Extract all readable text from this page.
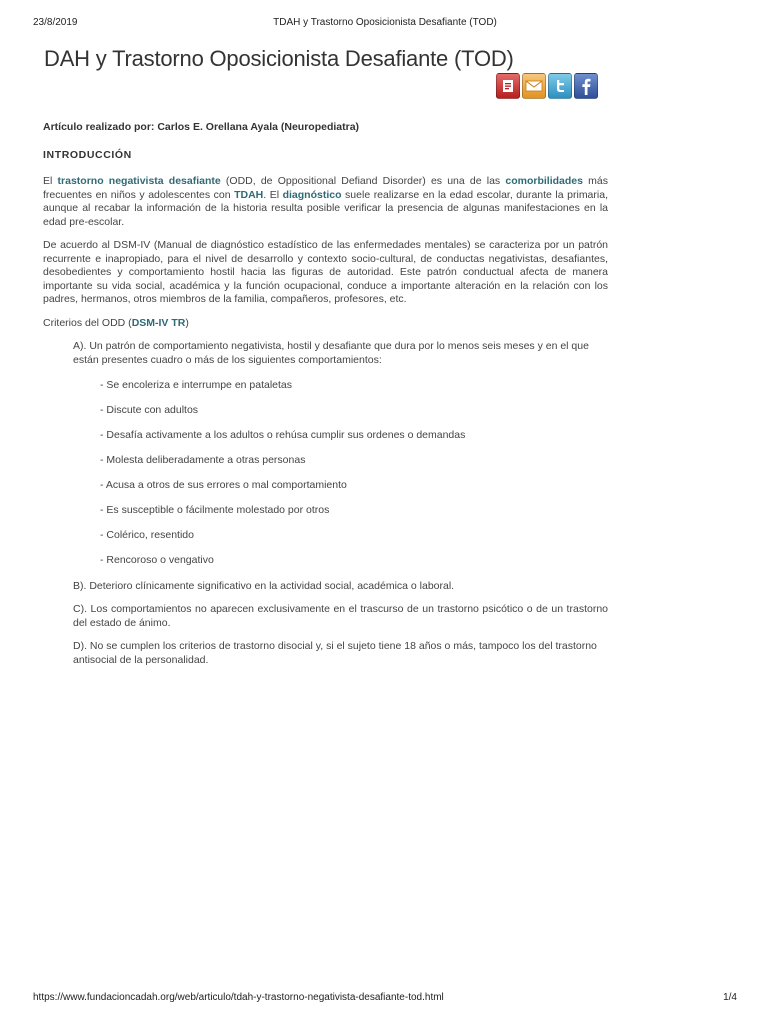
23/8/2019	TDAH y Trastorno Oposicionista Desafiante (TOD)
DAH y Trastorno Oposicionista Desafiante (TOD)

Artículo realizado por: Carlos E. Orellana Ayala (Neuropediatra)

INTRODUCCIÓN

El trastorno negativista desafiante (ODD, de Oppositional Defiand Disorder) es una de las comorbilidades más frecuentes en niños y adolescentes con TDAH. El diagnóstico suele realizarse en la edad escolar, durante la primaria, aunque al recabar la información de la historia resulta posible verificar la presencia de algunas manifestaciones en la edad pre-escolar.

De acuerdo al DSM-IV (Manual de diagnóstico estadístico de las enfermedades mentales) se caracteriza por un patrón recurrente e inapropiado, para el nivel de desarrollo y contexto socio-cultural, de conductas negativistas, desafiantes, desobedientes y comportamiento hostil hacia las figuras de autoridad. Este patrón conductual afecta de manera importante su vida social, académica y la función ocupacional, conduce a importante alteración en la relación con los padres, hermanos, otros miembros de la familia, compañeros, profesores, etc.

Criterios del ODD (DSM-IV TR)

A). Un patrón de comportamiento negativista, hostil y desafiante que dura por lo menos seis meses y en el que están presentes cuadro o más de los siguientes comportamientos:

- Se encoleriza e interrumpe en pataletas
- Discute con adultos
- Desafía activamente a los adultos o rehúsa cumplir sus ordenes o demandas
- Molesta deliberadamente a otras personas
- Acusa a otros de sus errores o mal comportamiento
- Es susceptible o fácilmente molestado por otros
- Colérico, resentido
- Rencoroso o vengativo

B). Deterioro clínicamente significativo en la actividad social, académica o laboral.

C). Los comportamientos no aparecen exclusivamente en el trascurso de un trastorno psicótico o de un trastorno del estado de ánimo.

D). No se cumplen los criterios de trastorno disocial y, si el sujeto tiene 18 años o más, tampoco los del trastorno antisocial de la personalidad.

https://www.fundacioncadah.org/web/articulo/tdah-y-trastorno-negativista-desafiante-tod.html	1/4
